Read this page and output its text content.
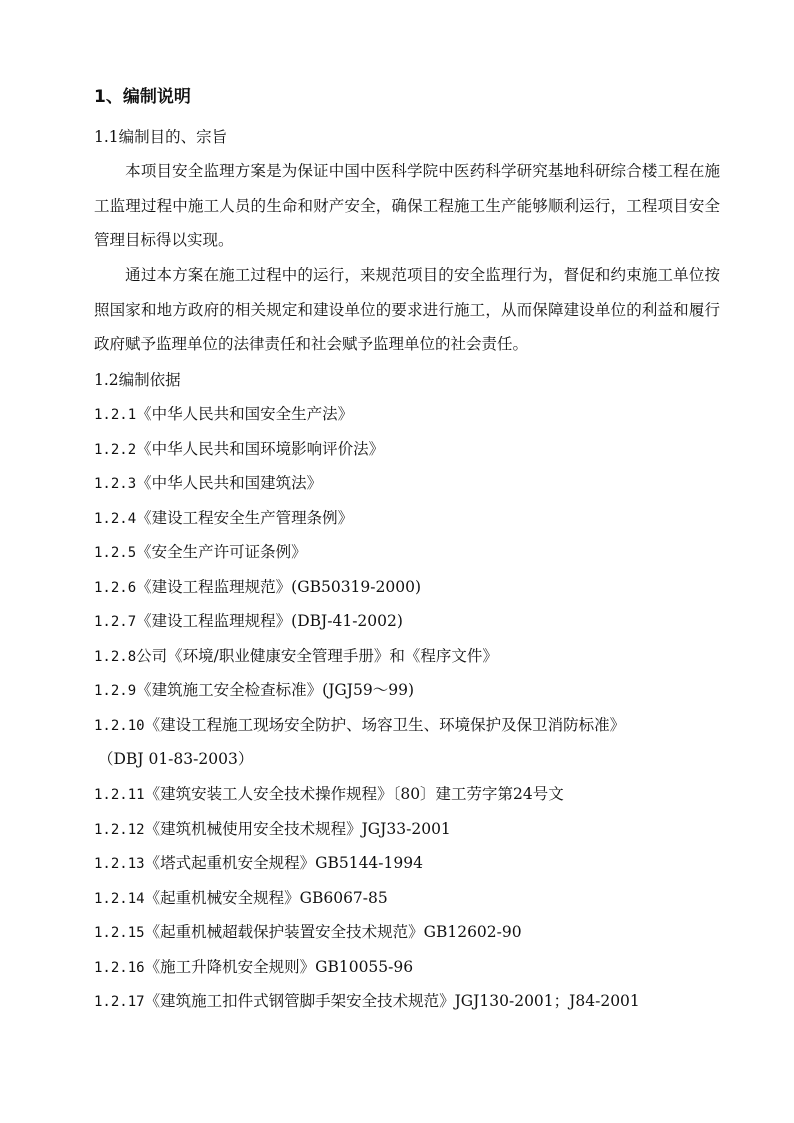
1、编制说明
1.1编制目的、宗旨
本项目安全监理方案是为保证中国中医科学院中医药科学研究基地科研综合楼工程在施工监理过程中施工人员的生命和财产安全，确保工程施工生产能够顺利运行，工程项目安全管理目标得以实现。
通过本方案在施工过程中的运行，来规范项目的安全监理行为，督促和约束施工单位按照国家和地方政府的相关规定和建设单位的要求进行施工，从而保障建设单位的利益和履行政府赋予监理单位的法律责任和社会赋予监理单位的社会责任。
1.2编制依据
1.2.1《中华人民共和国安全生产法》
1.2.2《中华人民共和国环境影响评价法》
1.2.3《中华人民共和国建筑法》
1.2.4《建设工程安全生产管理条例》
1.2.5《安全生产许可证条例》
1.2.6《建设工程监理规范》(GB50319-2000)
1.2.7《建设工程监理规程》(DBJ-41-2002)
1.2.8公司《环境/职业健康安全管理手册》和《程序文件》
1.2.9《建筑施工安全检查标准》(JGJ59～99)
1.2.10《建设工程施工现场安全防护、场容卫生、环境保护及保卫消防标准》
（DBJ 01-83-2003）
1.2.11《建筑安装工人安全技术操作规程》〔80〕建工劳字第24号文
1.2.12《建筑机械使用安全技术规程》JGJ33-2001
1.2.13《塔式起重机安全规程》GB5144-1994
1.2.14《起重机械安全规程》GB6067-85
1.2.15《起重机械超载保护装置安全技术规范》GB12602-90
1.2.16《施工升降机安全规则》GB10055-96
1.2.17《建筑施工扣件式钢管脚手架安全技术规范》JGJ130-2001；J84-2001
